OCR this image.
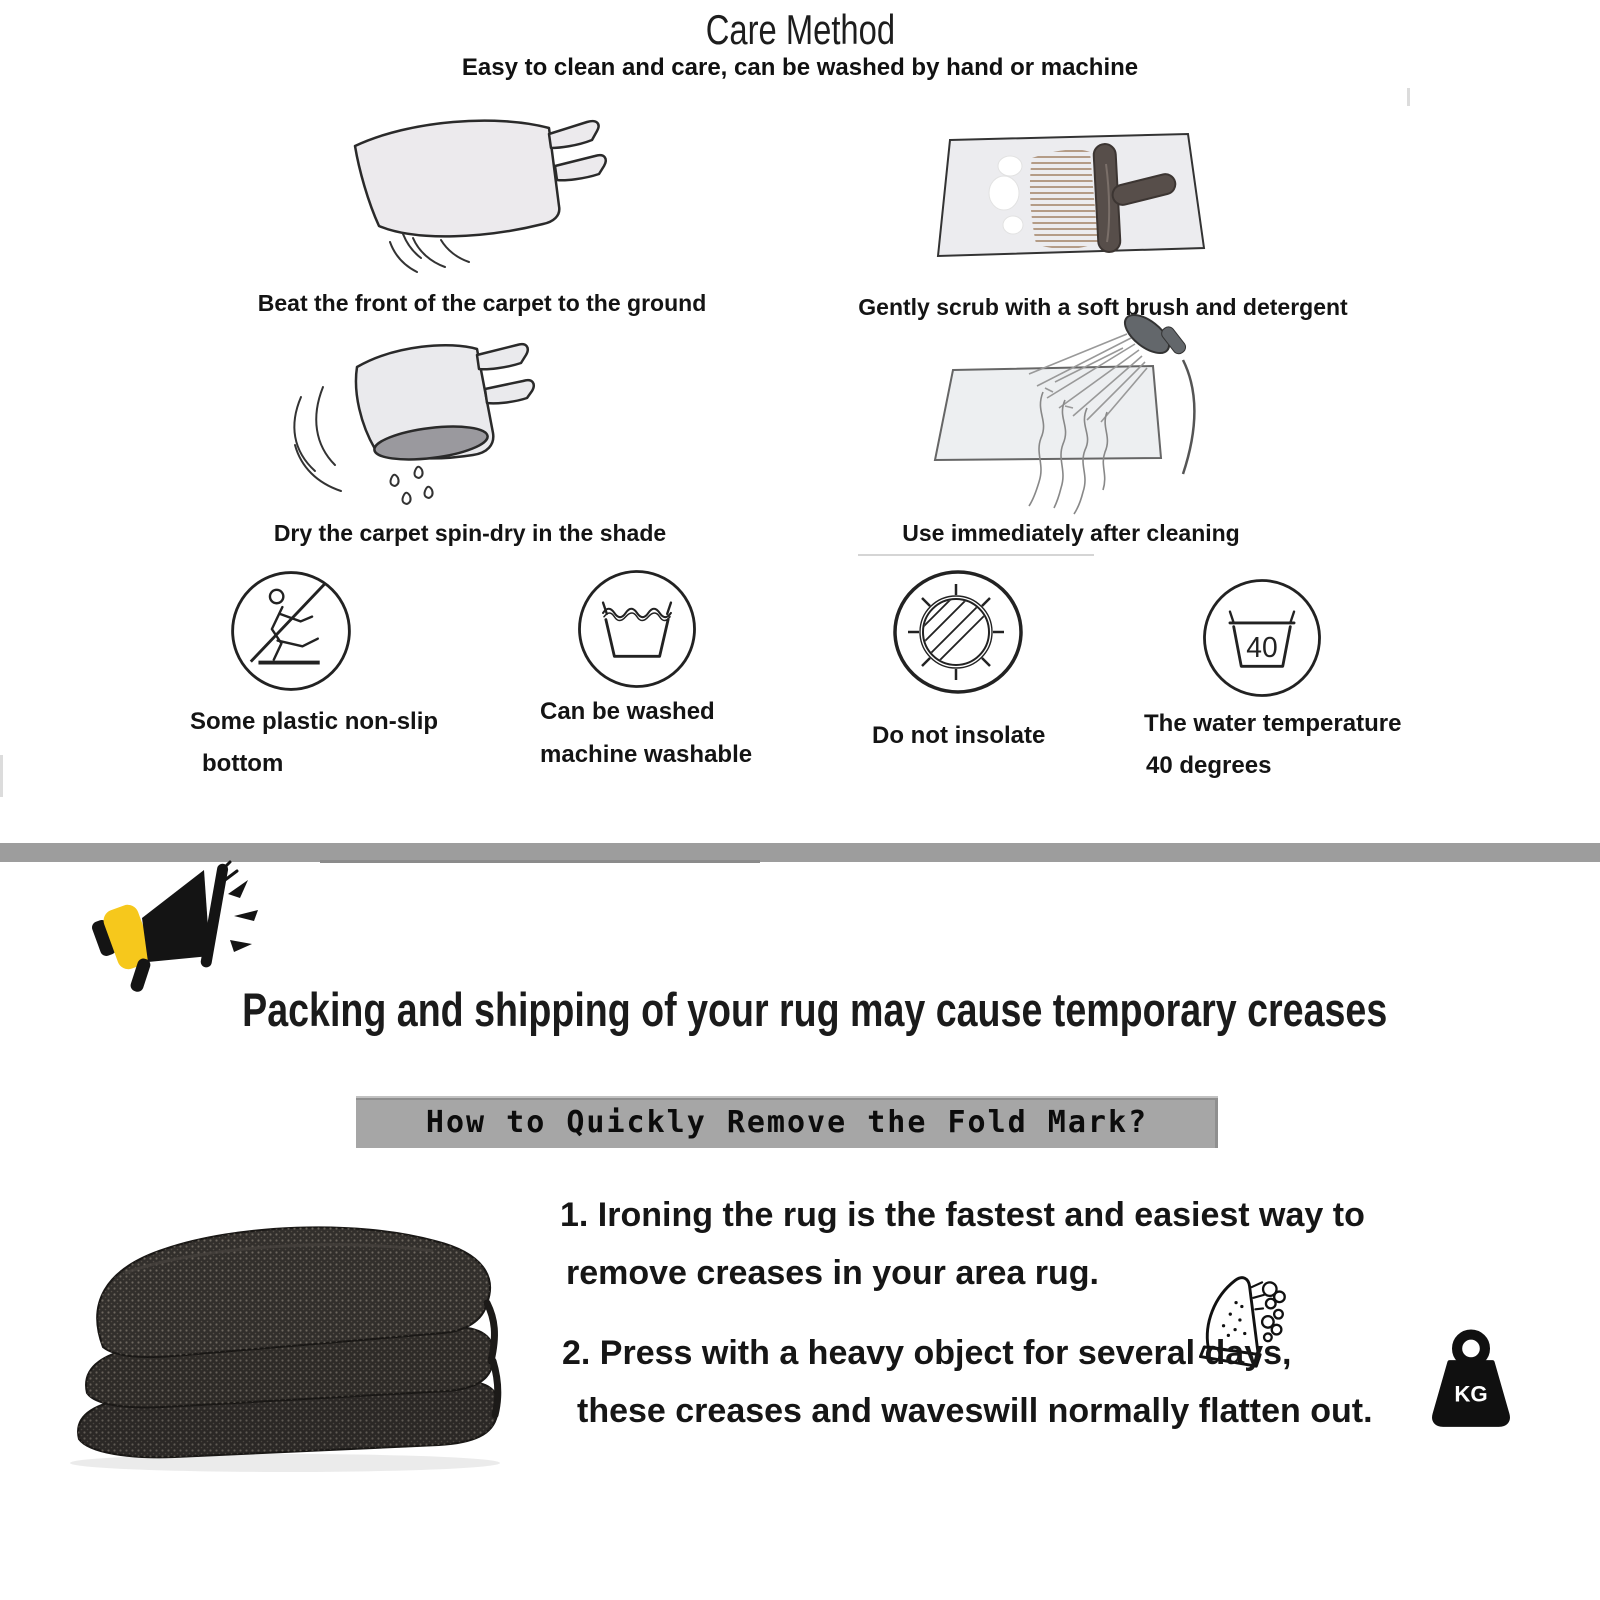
Care Method
Easy to clean and care, can be washed by hand or machine
Beat the front of the carpet to the ground	Gently scrub with a soft brush and detergent
Dry the carpet spin-dry in the shade	Use immediately after cleaning
Some plastic non-slip
bottom
Can be washed
machine washable
Do not insolate
40
The water temperature
40 degrees
Packing and shipping of your rug may cause temporary creases
How to Quickly Remove the Fold Mark?
1. Ironing the rug is the fastest and easiest way to
remove creases in your area rug.
2. Press with a heavy object for several days,
these creases and waveswill normally flatten out.	KG
